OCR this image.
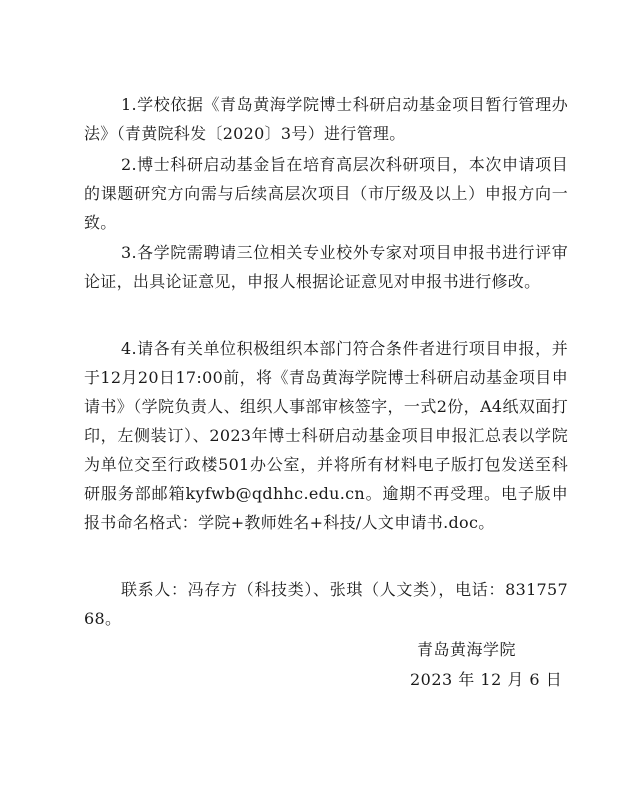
1.学校依据《青岛黄海学院博士科研启动基金项目暂行管理办法》（青黄院科发〔2020〕3号）进行管理。

2.博士科研启动基金旨在培育高层次科研项目，本次申请项目的课题研究方向需与后续高层次项目（市厅级及以上）申报方向一致。

3.各学院需聘请三位相关专业校外专家对项目申报书进行评审论证，出具论证意见，申报人根据论证意见对申报书进行修改。

4.请各有关单位积极组织本部门符合条件者进行项目申报，并于12月20日17:00前，将《青岛黄海学院博士科研启动基金项目申请书》（学院负责人、组织人事部审核签字，一式2份，A4纸双面打印，左侧装订）、2023年博士科研启动基金项目申报汇总表以学院为单位交至行政楼501办公室，并将所有材料电子版打包发送至科研服务部邮箱kyfwb@qdhhc.edu.cn。逾期不再受理。电子版申报书命名格式：学院+教师姓名+科技/人文申请书.doc。

联系人：冯存方（科技类）、张琪（人文类），电话：83175768。

青岛黄海学院
2023 年 12 月 6 日
